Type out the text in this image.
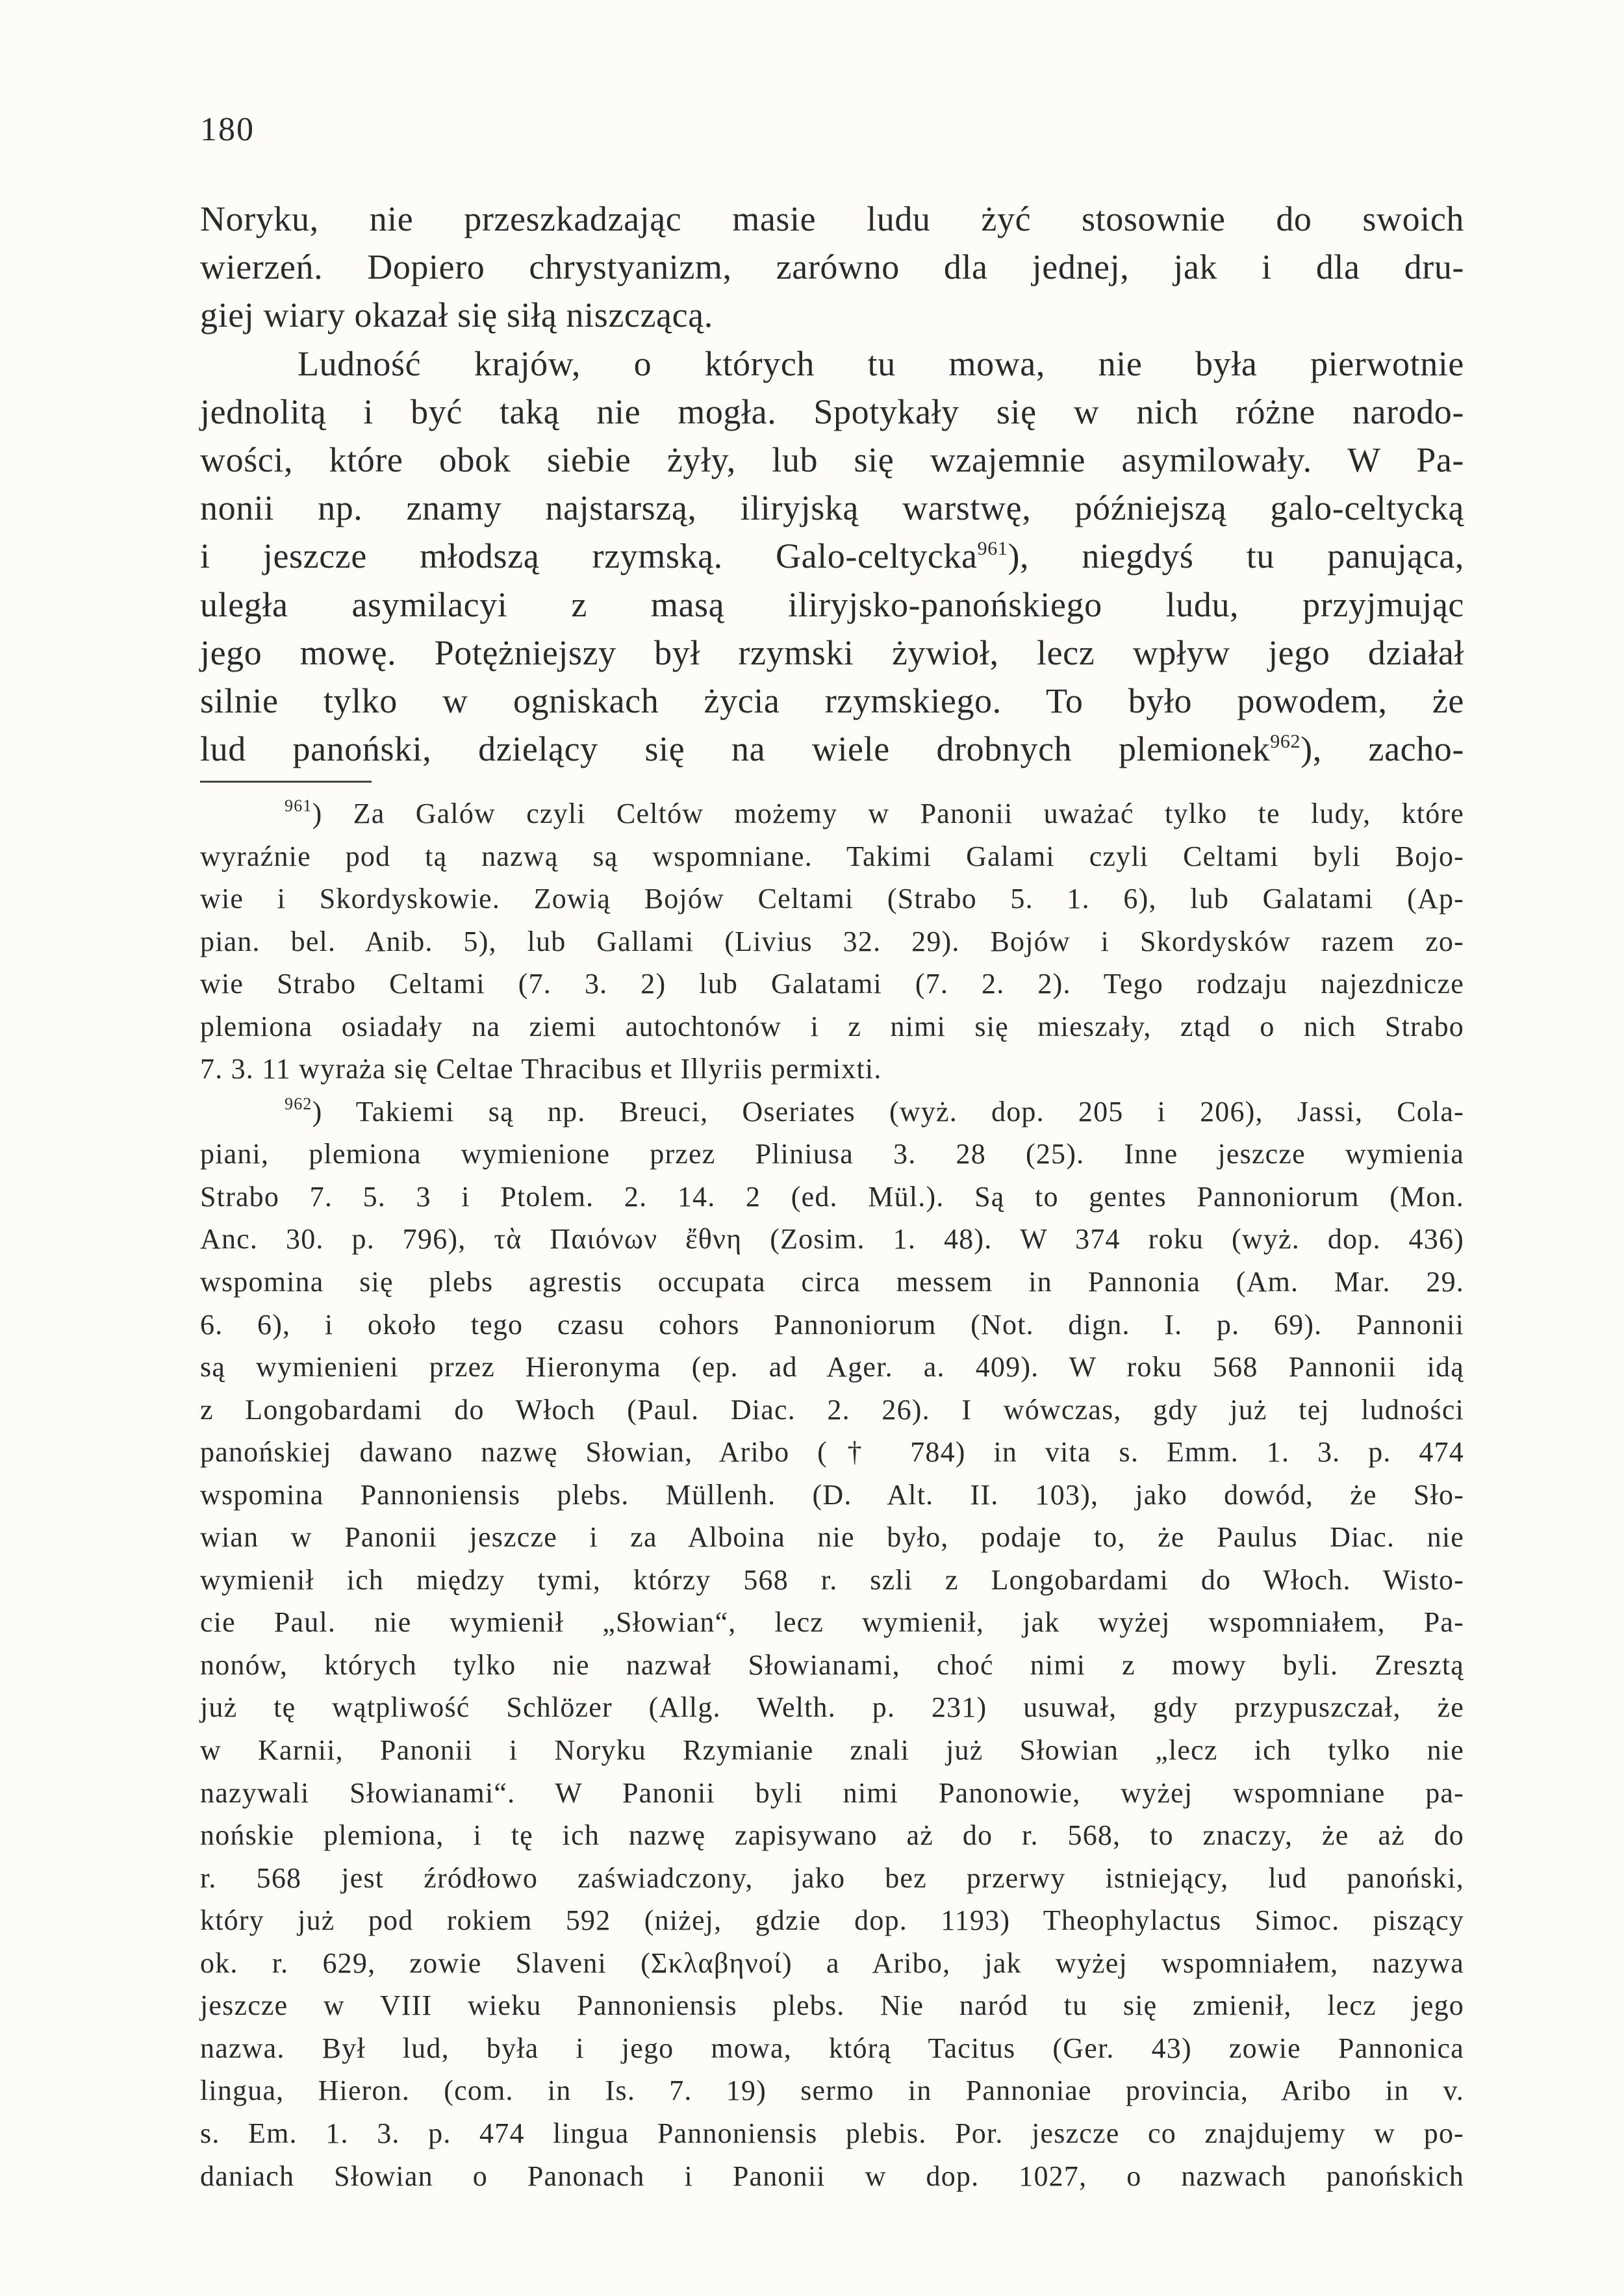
180
Noryku, nie przeszkadzając masie ludu żyć stosownie do swoich
wierzeń. Dopiero chrystyanizm, zarówno dla jednej, jak i dla dru-
giej wiary okazał się siłą niszczącą.
Ludność krajów, o których tu mowa, nie była pierwotnie
jednolitą i być taką nie mogła. Spotykały się w nich różne narodo-
wości, które obok siebie żyły, lub się wzajemnie asymilowały. W Pa-
nonii np. znamy najstarszą, iliryjską warstwę, późniejszą galo-celtycką
i jeszcze młodszą rzymską. Galo-celtycka$^{961}$), niegdyś tu panująca,
uległa asymilacyi z masą iliryjsko-panońskiego ludu, przyjmując
jego mowę. Potężniejszy był rzymski żywioł, lecz wpływ jego działał
silnie tylko w ogniskach życia rzymskiego. To było powodem, że
lud panoński, dzielący się na wiele drobnych plemionek$^{962}$), zacho-
$^{961}$) Za Galów czyli Celtów możemy w Panonii uważać tylko te ludy, które
wyraźnie pod tą nazwą są wspomniane. Takimi Galami czyli Celtami byli Bojo-
wie i Skordyskowie. Zowią Bojów Celtami (Strabo 5. 1. 6), lub Galatami (Ap-
pian. bel. Anib. 5), lub Gallami (Livius 32. 29). Bojów i Skordysków razem zo-
wie Strabo Celtami (7. 3. 2) lub Galatami (7. 2. 2). Tego rodzaju najezdnicze
plemiona osiadały na ziemi autochtonów i z nimi się mieszały, ztąd o nich Strabo
7. 3. 11 wyraża się Celtae Thracibus et Illyriis permixti.
$^{962}$) Takiemi są np. Breuci, Oseriates (wyż. dop. 205 i 206), Jassi, Cola-
piani, plemiona wymienione przez Pliniusa 3. 28 (25). Inne jeszcze wymienia
Strabo 7. 5. 3 i Ptolem. 2. 14. 2 (ed. Mül.). Są to gentes Pannoniorum (Mon.
Anc. 30. p. 796), τὰ Παιόνων ἔθνη (Zosim. 1. 48). W 374 roku (wyż. dop. 436)
wspomina się plebs agrestis occupata circa messem in Pannonia (Am. Mar. 29.
6. 6), i około tego czasu cohors Pannoniorum (Not. dign. I. p. 69). Pannonii
są wymienieni przez Hieronyma (ep. ad Ager. a. 409). W roku 568 Pannonii idą
z Longobardami do Włoch (Paul. Diac. 2. 26). I wówczas, gdy już tej ludności
panońskiej dawano nazwę Słowian, Aribo († 784) in vita s. Emm. 1. 3. p. 474
wspomina Pannoniensis plebs. Müllenh. (D. Alt. II. 103), jako dowód, że Sło-
wian w Panonii jeszcze i za Alboina nie było, podaje to, że Paulus Diac. nie
wymienił ich między tymi, którzy 568 r. szli z Longobardami do Włoch. Wisto-
cie Paul. nie wymienił „Słowian“, lecz wymienił, jak wyżej wspomniałem, Pa-
nonów, których tylko nie nazwał Słowianami, choć nimi z mowy byli. Zresztą
już tę wątpliwość Schlözer (Allg. Welth. p. 231) usuwał, gdy przypuszczał, że
w Karnii, Panonii i Noryku Rzymianie znali już Słowian „lecz ich tylko nie
nazywali Słowianami“. W Panonii byli nimi Panonowie, wyżej wspomniane pa-
nońskie plemiona, i tę ich nazwę zapisywano aż do r. 568, to znaczy, że aż do
r. 568 jest źródłowo zaświadczony, jako bez przerwy istniejący, lud panoński,
który już pod rokiem 592 (niżej, gdzie dop. 1193) Theophylactus Simoc. piszący
ok. r. 629, zowie Slaveni (Σκλαβηνοί) a Aribo, jak wyżej wspomniałem, nazywa
jeszcze w VIII wieku Pannoniensis plebs. Nie naród tu się zmienił, lecz jego
nazwa. Był lud, była i jego mowa, którą Tacitus (Ger. 43) zowie Pannonica
lingua, Hieron. (com. in Is. 7. 19) sermo in Pannoniae provincia, Aribo in v.
s. Em. 1. 3. p. 474 lingua Pannoniensis plebis. Por. jeszcze co znajdujemy w po-
daniach Słowian o Panonach i Panonii w dop. 1027, o nazwach panońskich
